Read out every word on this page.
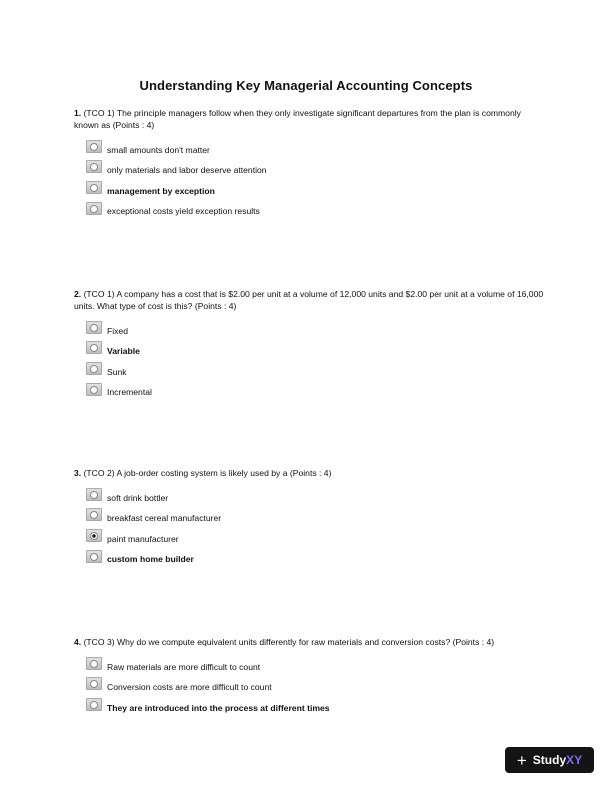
Understanding Key Managerial Accounting Concepts
1. (TCO 1) The principle managers follow when they only investigate significant departures from the plan is commonly known as (Points : 4)
small amounts don't matter
only materials and labor deserve attention
management by exception
exceptional costs yield exception results
2. (TCO 1) A company has a cost that is $2.00 per unit at a volume of 12,000 units and $2.00 per unit at a volume of 16,000 units. What type of cost is this? (Points : 4)
Fixed
Variable
Sunk
Incremental
3. (TCO 2) A job-order costing system is likely used by a (Points : 4)
soft drink bottler
breakfast cereal manufacturer
paint manufacturer
custom home builder
4. (TCO 3) Why do we compute equivalent units differently for raw materials and conversion costs? (Points : 4)
Raw materials are more difficult to count
Conversion costs are more difficult to count
They are introduced into the process at different times
+ Study XY
